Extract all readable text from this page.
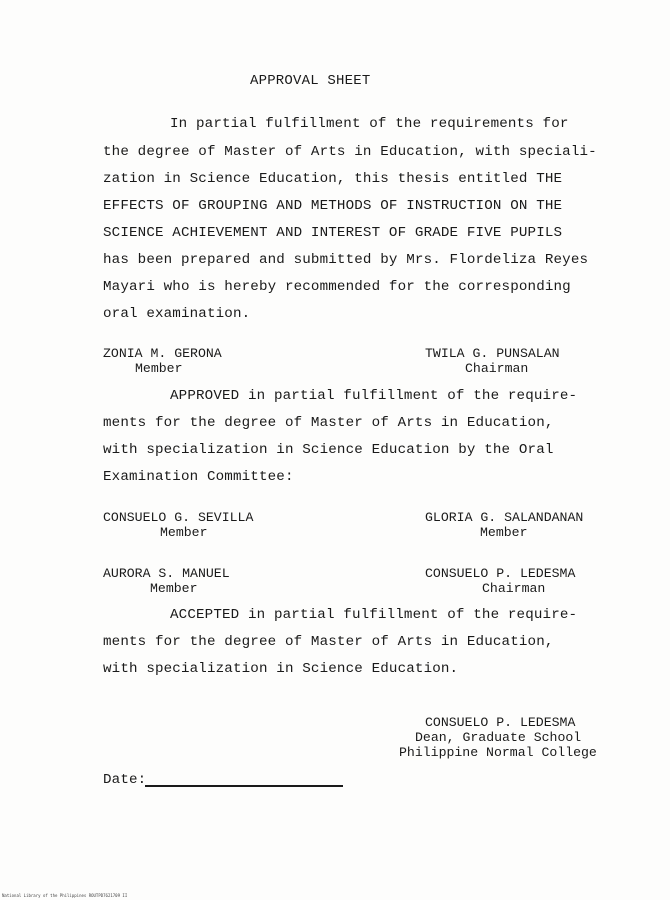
APPROVAL SHEET
In partial fulfillment of the requirements for
the degree of Master of Arts in Education, with speciali-
zation in Science Education, this thesis entitled THE
EFFECTS OF GROUPING AND METHODS OF INSTRUCTION ON THE
SCIENCE ACHIEVEMENT AND INTEREST OF GRADE FIVE PUPILS
has been prepared and submitted by Mrs. Flordeliza Reyes
Mayari who is hereby recommended for the corresponding
oral examination.
ZONIA M. GERONA
Member
TWILA G. PUNSALAN
Chairman
APPROVED in partial fulfillment of the require-
ments for the degree of Master of Arts in Education,
with specialization in Science Education by the Oral
Examination Committee:
CONSUELO G. SEVILLA
Member
GLORIA G. SALANDANAN
Member
AURORA S. MANUEL
Member
CONSUELO P. LEDESMA
Chairman
ACCEPTED in partial fulfillment of the require-
ments for the degree of Master of Arts in Education,
with specialization in Science Education.
CONSUELO P. LEDESMA
Dean, Graduate School
Philippine Normal College
Date:
National Library of the Philippines ROUTPD7621709 II
